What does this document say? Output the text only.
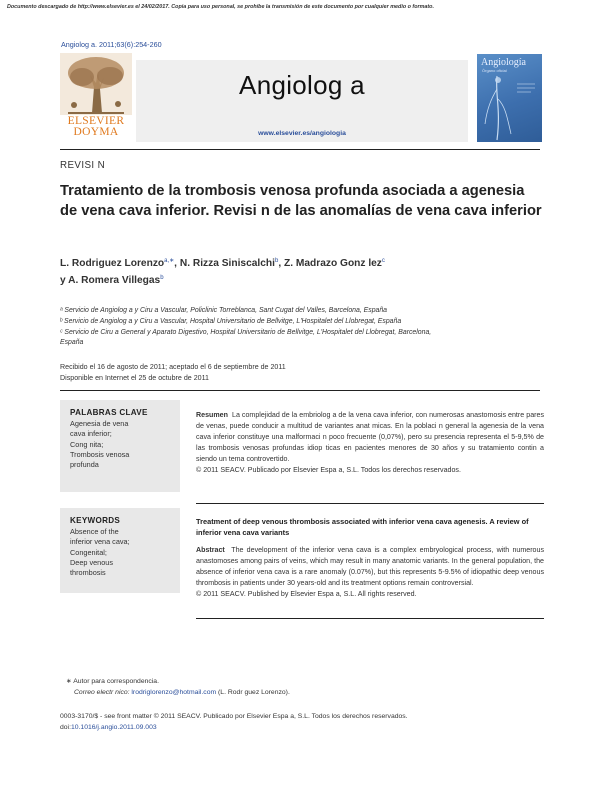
Documento descargado de http://www.elsevier.es el 24/02/2017. Copia para uso personal, se prohíbe la transmisión de este documento por cualquier medio o formato.
Angiolog a. 2011;63(6):254-260
ELSEVIER
DOYMA
Angiolog a
www.elsevier.es/angiologia
Angiología
Órgano oficial
REVISI N
Tratamiento de la trombosis venosa profunda asociada a agenesia de vena cava inferior. Revisi n de las anomalías de vena cava inferior
L. Rodriguez Lorenzo$^{a,∗}$, N. Rizza Siniscalchi$^b$, Z. Madrazo Gonz lez$^c$
y A. Romera Villegas$^b$
ᵃ Servicio de Angiolog a y Ciru a Vascular, Policlinic Torreblanca, Sant Cugat del Valles, Barcelona, España
ᵇ Servicio de Angiolog a y Ciru a Vascular, Hospital Universitario de Bellvitge, L'Hospitalet del Llobregat, España
ᶜ Servicio de Ciru a General y Aparato Digestivo, Hospital Universitario de Bellvitge, L'Hospitalet del Llobregat, Barcelona,
España
Recibido el 16 de agosto de 2011; aceptado el 6 de septiembre de 2011
Disponible en Internet el 25 de octubre de 2011
PALABRAS CLAVE
Agenesia de vena
cava inferior;
Cong nita;
Trombosis venosa
profunda
Resumen La complejidad de la embriolog a de la vena cava inferior, con numerosas anastomosis entre pares de venas, puede conducir a multitud de variantes anat micas. En la poblaci n general la agenesia de la vena cava inferior constituye una malformaci n poco frecuente (0,07%), pero su presencia representa el 5-9,5% de las trombosis venosas profundas idiop ticas en pacientes menores de 30 años y su tratamiento contin a siendo un tema controvertido.
© 2011 SEACV. Publicado por Elsevier Espa a, S.L. Todos los derechos reservados.
KEYWORDS
Absence of the
inferior vena cava;
Congenital;
Deep venous
thrombosis
Treatment of deep venous thrombosis associated with inferior vena cava agenesis. A review of inferior vena cava variants
Abstract The development of the inferior vena cava is a complex embryological process, with numerous anastomoses among pairs of veins, which may result in many anatomic variants. In the general population, the absence of inferior vena cava is a rare anomaly (0.07%), but this represents 5-9.5% of idiopathic deep venous thrombosis in patients under 30 years-old and its treatment options remain controversial.
© 2011 SEACV. Published by Elsevier Espa a, S.L. All rights reserved.
∗ Autor para correspondencia.
Correo electr nico: lrodriglorenzo@hotmail.com (L. Rodr guez Lorenzo).
0003-3170/$ - see front matter © 2011 SEACV. Publicado por Elsevier Espa a, S.L. Todos los derechos reservados.
doi:10.1016/j.angio.2011.09.003
